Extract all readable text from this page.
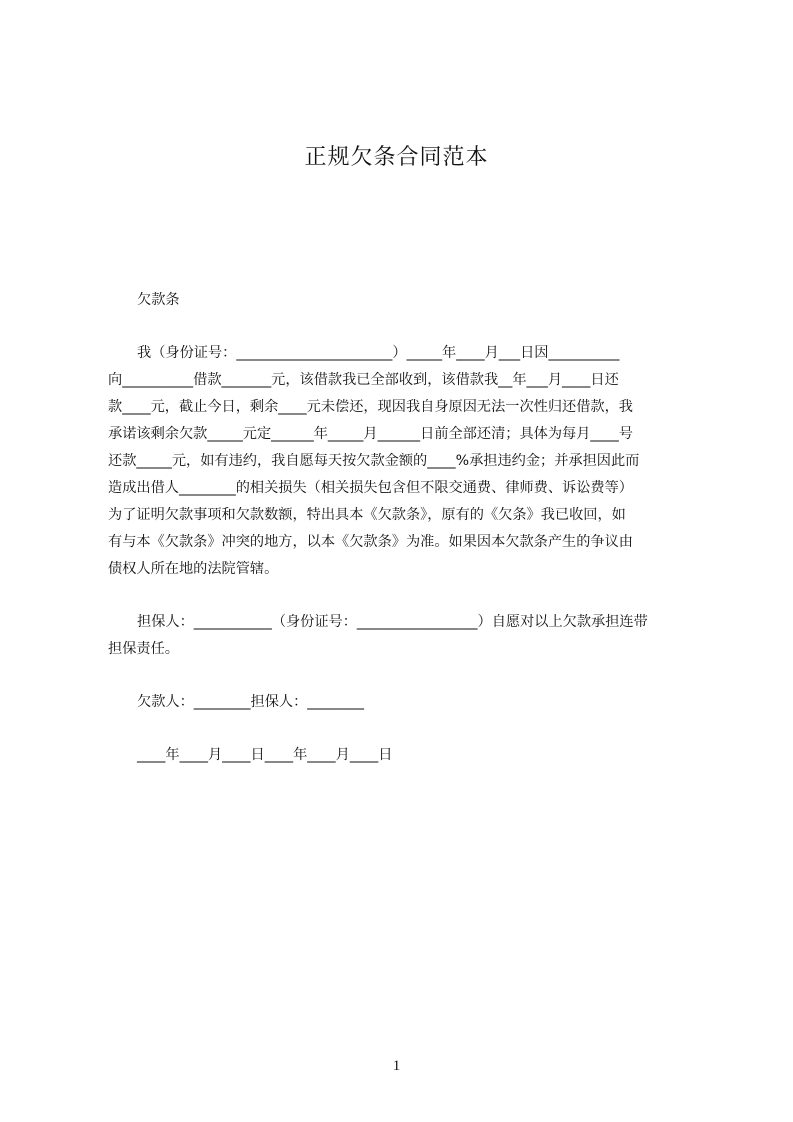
正规欠条合同范本
欠款条
我（身份证号：______________________）_____年____月___日因__________
向__________借款_______元，该借款我已全部收到，该借款我__年___月____日还
款____元，截止今日，剩余____元未偿还，现因我自身原因无法一次性归还借款，我
承诺该剩余欠款_____元定______年_____月______日前全部还清；具体为每月____号
还款_____元，如有违约，我自愿每天按欠款金额的____%承担违约金；并承担因此而
造成出借人________的相关损失（相关损失包含但不限交通费、律师费、诉讼费等）
为了证明欠款事项和欠款数额，特出具本《欠款条》，原有的《欠条》我已收回，如
有与本《欠款条》冲突的地方，以本《欠款条》为准。如果因本欠款条产生的争议由
债权人所在地的法院管辖。
担保人：___________（身份证号：_________________）自愿对以上欠款承担连带
担保责任。
欠款人：________担保人：________
____年____月____日____年____月____日
1
